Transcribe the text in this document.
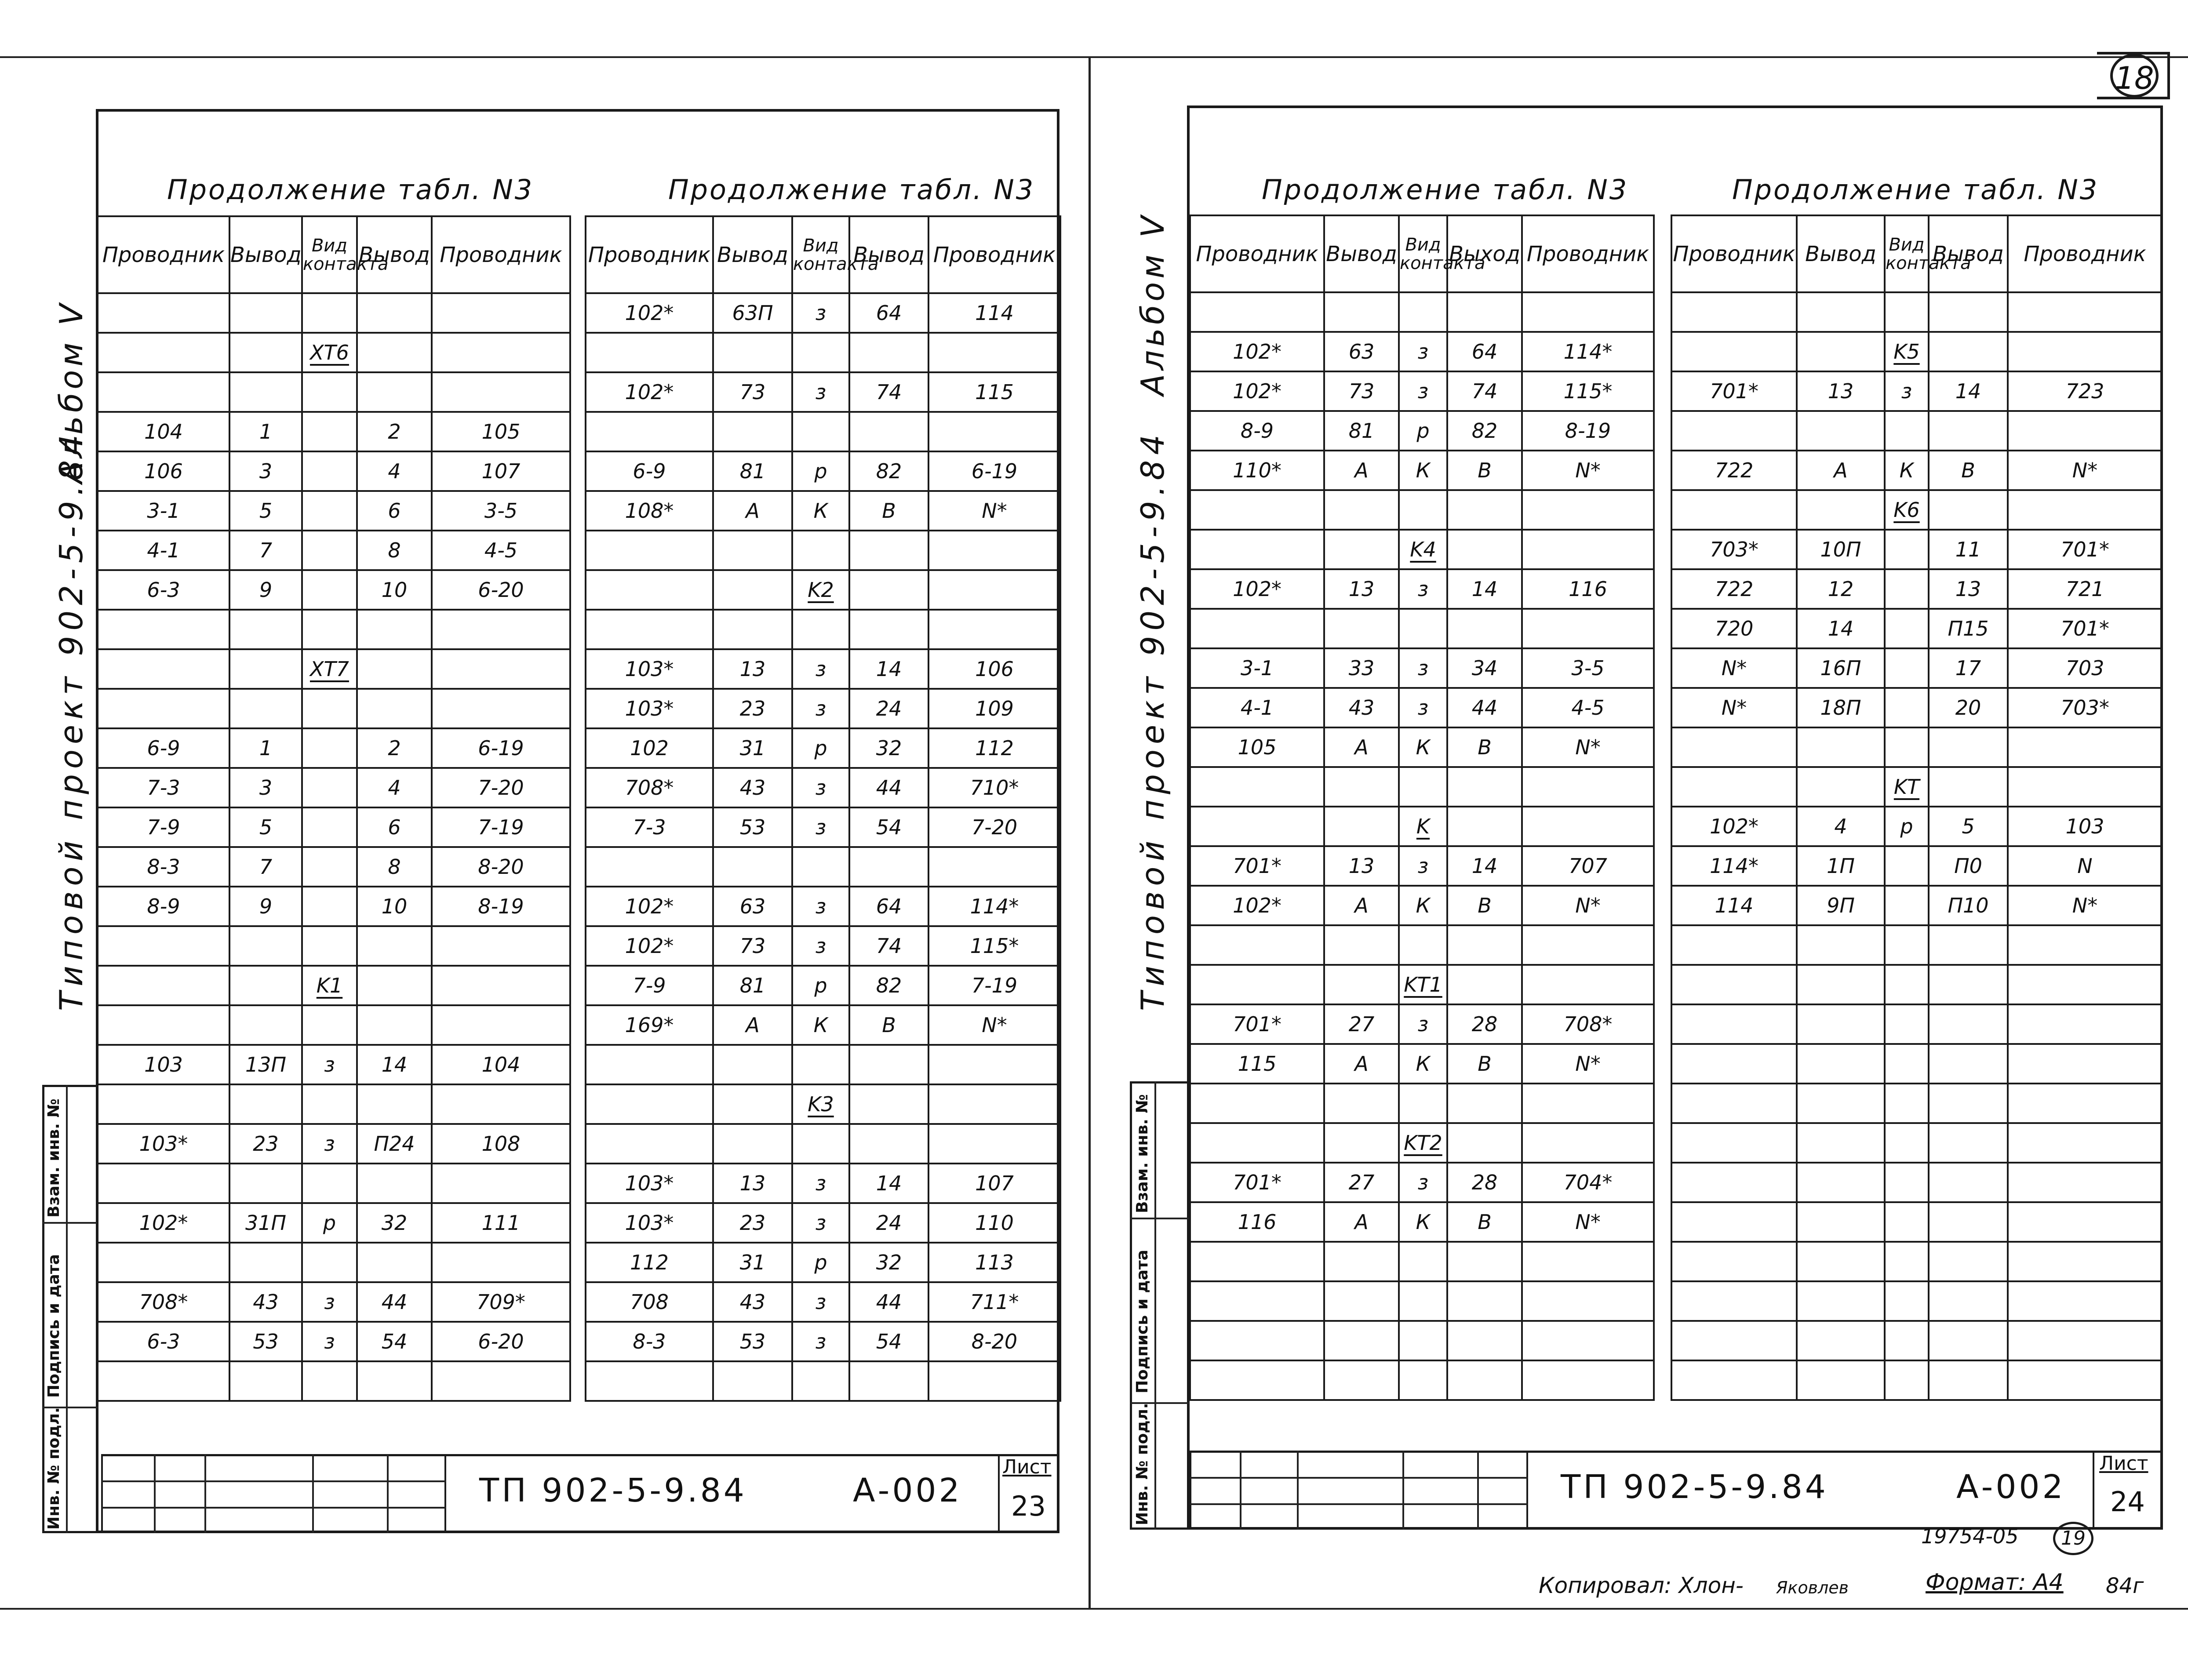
18
Альбом V
Типовой проект 902-5-9.84
Инв. № подл.
Подпись и дата
Взам. инв. №
Продолжение табл. N3	Продолжение табл. N3
Проводник	Вывод	Вид контакта	Вывод	Проводник

		XT6		

104	1		2	105
106	3		4	107
3-1	5		6	3-5
4-1	7		8	4-5
6-3	9		10	6-20

		XT7		

6-9	1		2	6-19
7-3	3		4	7-20
7-9	5		6	7-19
8-3	7		8	8-20
8-9	9		10	8-19

		K1		

103	13П	з	14	104

103*	23	з	П24	108

102*	31П	р	32	111

708*	43	з	44	709*
6-3	53	з	54	6-20

Проводник	Вывод	Вид контакта	Вывод	Проводник
102*	63П	з	64	114

102*	73	з	74	115

6-9	81	р	82	6-19
108*	А	К	В	N*

		K2		

103*	13	з	14	106
103*	23	з	24	109
102	31	р	32	112
708*	43	з	44	710*
7-3	53	з	54	7-20

102*	63	з	64	114*
102*	73	з	74	115*
7-9	81	р	82	7-19
169*	А	К	В	N*

		K3		

103*	13	з	14	107
103*	23	з	24	110
112	31	р	32	113
708	43	з	44	711*
8-3	53	з	54	8-20

ТП 902-5-9.84	А-002
Лист
23
Альбом V
Типовой проект 902-5-9.84
Инв. № подл.
Подпись и дата
Взам. инв. №
Продолжение табл. N3	Продолжение табл. N3
Проводник	Вывод	Вид контакта	Выход	Проводник

102*	63	з	64	114*
102*	73	з	74	115*
8-9	81	р	82	8-19
110*	А	К	В	N*

		K4		
102*	13	з	14	116

3-1	33	з	34	3-5
4-1	43	з	44	4-5
105	А	К	В	N*

		K		
701*	13	з	14	707
102*	А	К	В	N*

		KT1		
701*	27	з	28	708*
115	А	К	В	N*

		KT2		
701*	27	з	28	704*
116	А	К	В	N*

Проводник	Вывод	Вид контакта	Вывод	Проводник

		K5		
701*	13	з	14	723

722	А	К	В	N*
		K6		
703*	10П		11	701*
722	12		13	721
720	14		П15	701*
N*	16П		17	703
N*	18П		20	703*

		KT		
102*	4	р	5	103
114*	1П		П0	N
114	9П		П10	N*

ТП 902-5-9.84	А-002
Лист
24
19754-05	19
Копировал: Хлон- Яковлев	Формат: А4 84г
